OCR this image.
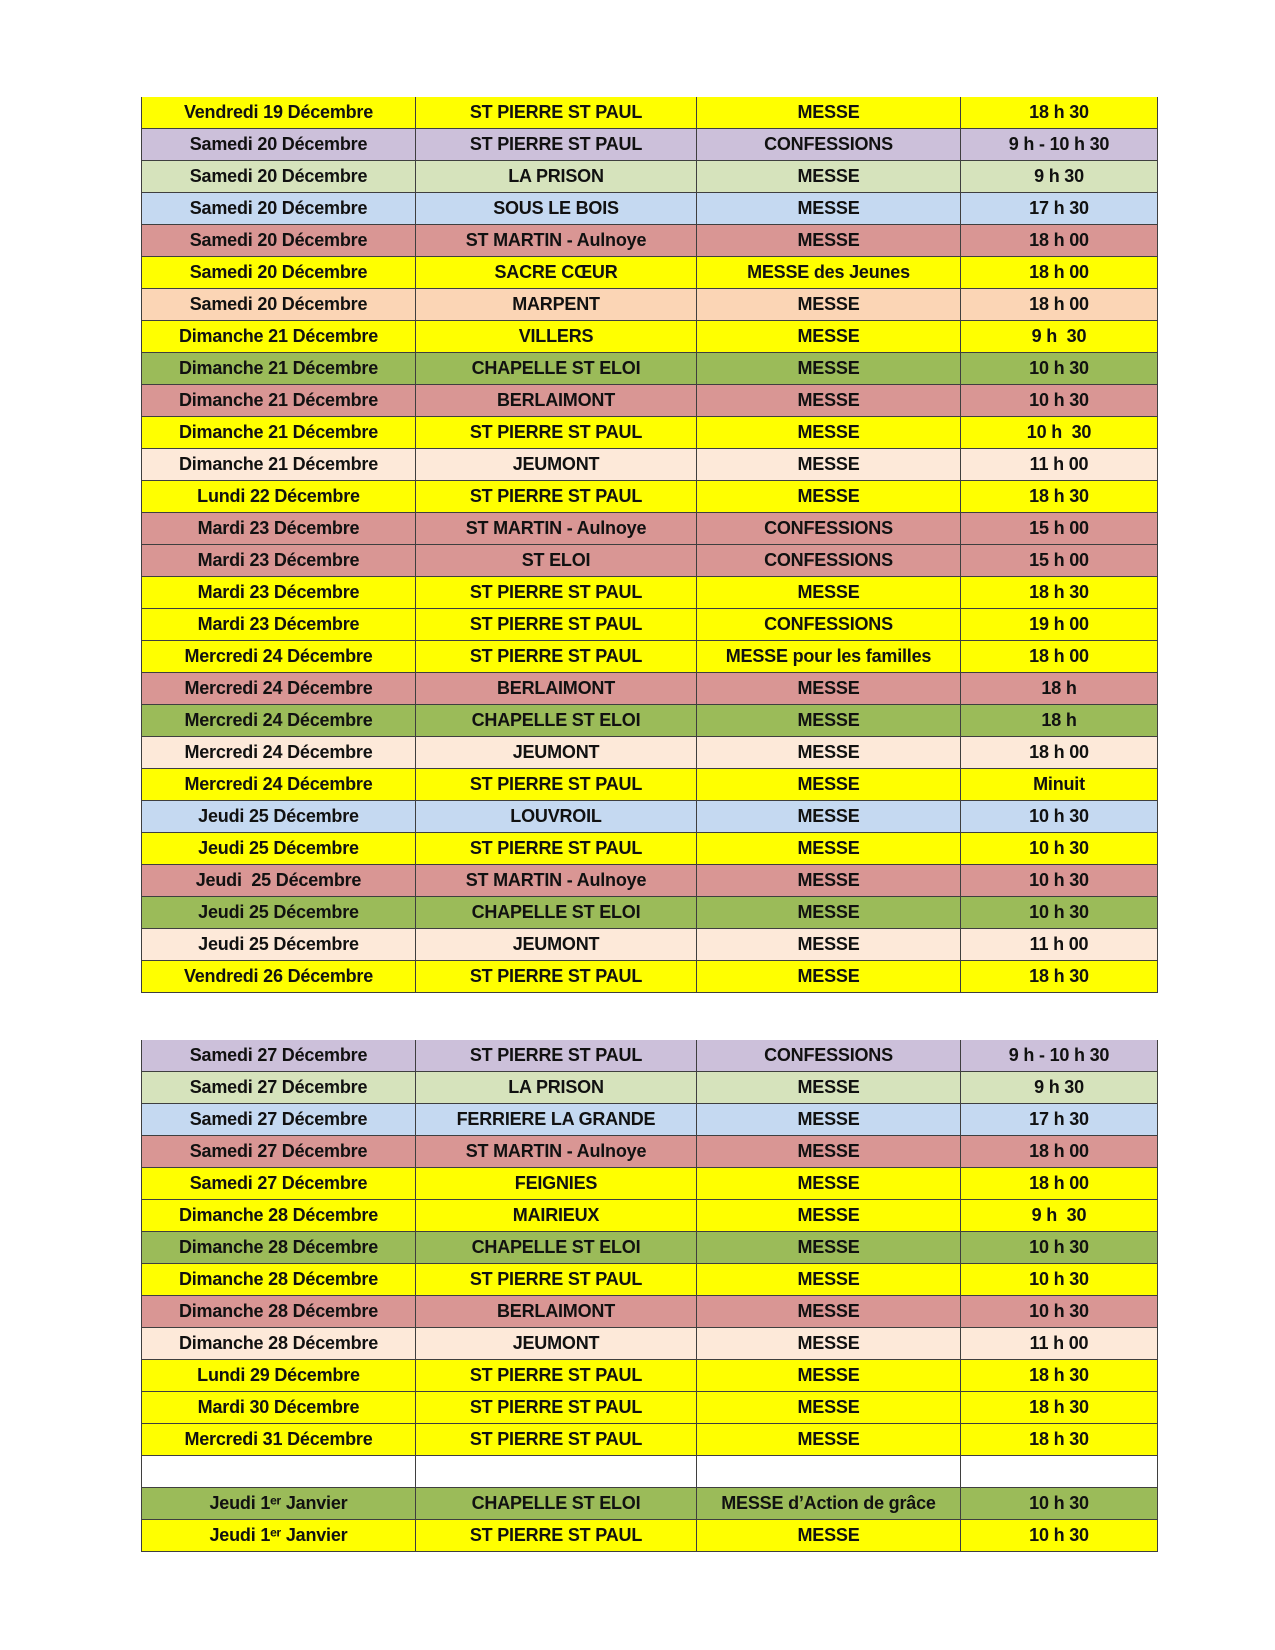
Vendredi 19 Décembre	ST PIERRE ST PAUL	MESSE	18 h 30
Samedi 20 Décembre	ST PIERRE ST PAUL	CONFESSIONS	9 h - 10 h 30
Samedi 20 Décembre	LA PRISON	MESSE	9 h 30
Samedi 20 Décembre	SOUS LE BOIS	MESSE	17 h 30
Samedi 20 Décembre	ST MARTIN - Aulnoye	MESSE	18 h 00
Samedi 20 Décembre	SACRE CŒUR	MESSE des Jeunes	18 h 00
Samedi 20 Décembre	MARPENT	MESSE	18 h 00
Dimanche 21 Décembre	VILLERS	MESSE	9 h  30
Dimanche 21 Décembre	CHAPELLE ST ELOI	MESSE	10 h 30
Dimanche 21 Décembre	BERLAIMONT	MESSE	10 h 30
Dimanche 21 Décembre	ST PIERRE ST PAUL	MESSE	10 h  30
Dimanche 21 Décembre	JEUMONT	MESSE	11 h 00
Lundi 22 Décembre	ST PIERRE ST PAUL	MESSE	18 h 30
Mardi 23 Décembre	ST MARTIN - Aulnoye	CONFESSIONS	15 h 00
Mardi 23 Décembre	ST ELOI	CONFESSIONS	15 h 00
Mardi 23 Décembre	ST PIERRE ST PAUL	MESSE	18 h 30
Mardi 23 Décembre	ST PIERRE ST PAUL	CONFESSIONS	19 h 00
Mercredi 24 Décembre	ST PIERRE ST PAUL	MESSE pour les familles	18 h 00
Mercredi 24 Décembre	BERLAIMONT	MESSE	18 h
Mercredi 24 Décembre	CHAPELLE ST ELOI	MESSE	18 h
Mercredi 24 Décembre	JEUMONT	MESSE	18 h 00
Mercredi 24 Décembre	ST PIERRE ST PAUL	MESSE	Minuit
Jeudi 25 Décembre	LOUVROIL	MESSE	10 h 30
Jeudi 25 Décembre	ST PIERRE ST PAUL	MESSE	10 h 30
Jeudi  25 Décembre	ST MARTIN - Aulnoye	MESSE	10 h 30
Jeudi 25 Décembre	CHAPELLE ST ELOI	MESSE	10 h 30
Jeudi 25 Décembre	JEUMONT	MESSE	11 h 00
Vendredi 26 Décembre	ST PIERRE ST PAUL	MESSE	18 h 30
Samedi 27 Décembre	ST PIERRE ST PAUL	CONFESSIONS	9 h - 10 h 30
Samedi 27 Décembre	LA PRISON	MESSE	9 h 30
Samedi 27 Décembre	FERRIERE LA GRANDE	MESSE	17 h 30
Samedi 27 Décembre	ST MARTIN - Aulnoye	MESSE	18 h 00
Samedi 27 Décembre	FEIGNIES	MESSE	18 h 00
Dimanche 28 Décembre	MAIRIEUX	MESSE	9 h  30
Dimanche 28 Décembre	CHAPELLE ST ELOI	MESSE	10 h 30
Dimanche 28 Décembre	ST PIERRE ST PAUL	MESSE	10 h 30
Dimanche 28 Décembre	BERLAIMONT	MESSE	10 h 30
Dimanche 28 Décembre	JEUMONT	MESSE	11 h 00
Lundi 29 Décembre	ST PIERRE ST PAUL	MESSE	18 h 30
Mardi 30 Décembre	ST PIERRE ST PAUL	MESSE	18 h 30
Mercredi 31 Décembre	ST PIERRE ST PAUL	MESSE	18 h 30

Jeudi 1ᵉʳ Janvier	CHAPELLE ST ELOI	MESSE d’Action de grâce	10 h 30
Jeudi 1ᵉʳ Janvier	ST PIERRE ST PAUL	MESSE	10 h 30
